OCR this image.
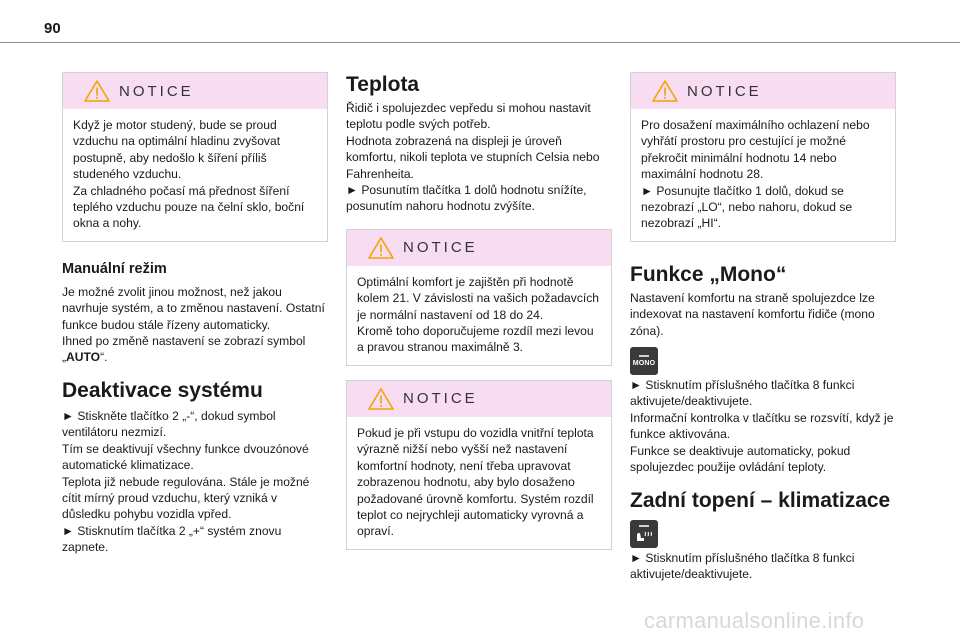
90
NOTICE
Když je motor studený, bude se proud vzduchu na optimální hladinu zvyšovat postupně, aby nedošlo k šíření příliš studeného vzduchu.
Za chladného počasí má přednost šíření teplého vzduchu pouze na čelní sklo, boční okna a nohy.
Manuální režim

Je možné zvolit jinou možnost, než jakou navrhuje systém, a to změnou nastavení. Ostatní funkce budou stále řízeny automaticky.

Ihned po změně nastavení se zobrazí symbol „AUTO“.

Deaktivace systému

► Stiskněte tlačítko 2 „-“, dokud symbol ventilátoru nezmizí.

Tím se deaktivují všechny funkce dvouzónové automatické klimatizace.

Teplota již nebude regulována. Stále je možné cítit mírný proud vzduchu, který vzniká v důsledku pohybu vozidla vpřed.

► Stisknutím tlačítka 2 „+“ systém znovu zapnete.

Teplota

Řidič i spolujezdec vepředu si mohou nastavit teplotu podle svých potřeb.

Hodnota zobrazená na displeji je úroveň komfortu, nikoli teplota ve stupních Celsia nebo Fahrenheita.

► Posunutím tlačítka 1 dolů hodnotu snížíte, posunutím nahoru hodnotu zvýšíte.

NOTICE
Optimální komfort je zajištěn při hodnotě kolem 21. V závislosti na vašich požadavcích je normální nastavení od 18 do 24.
Kromě toho doporučujeme rozdíl mezi levou a pravou stranou maximálně 3.
NOTICE
Pokud je při vstupu do vozidla vnitřní teplota výrazně nižší nebo vyšší než nastavení komfortní hodnoty, není třeba upravovat zobrazenou hodnotu, aby bylo dosaženo požadované úrovně komfortu. Systém rozdíl teplot co nejrychleji automaticky vyrovná a opraví.
NOTICE
Pro dosažení maximálního ochlazení nebo vyhřátí prostoru pro cestující je možné překročit minimální hodnotu 14 nebo maximální hodnotu 28.
► Posunujte tlačítko 1 dolů, dokud se nezobrazí „LO“, nebo nahoru, dokud se nezobrazí „HI“.
Funkce „Mono“

Nastavení komfortu na straně spolujezdce lze indexovat na nastavení komfortu řidiče (mono zóna).

MONO

► Stisknutím příslušného tlačítka 8 funkci aktivujete/deaktivujete.

Informační kontrolka v tlačítku se rozsvítí, když je funkce aktivována.

Funkce se deaktivuje automaticky, pokud spolujezdec použije ovládání teploty.

Zadní topení – klimatizace

► Stisknutím příslušného tlačítka 8 funkci aktivujete/deaktivujete.

carmanualsonline.info
